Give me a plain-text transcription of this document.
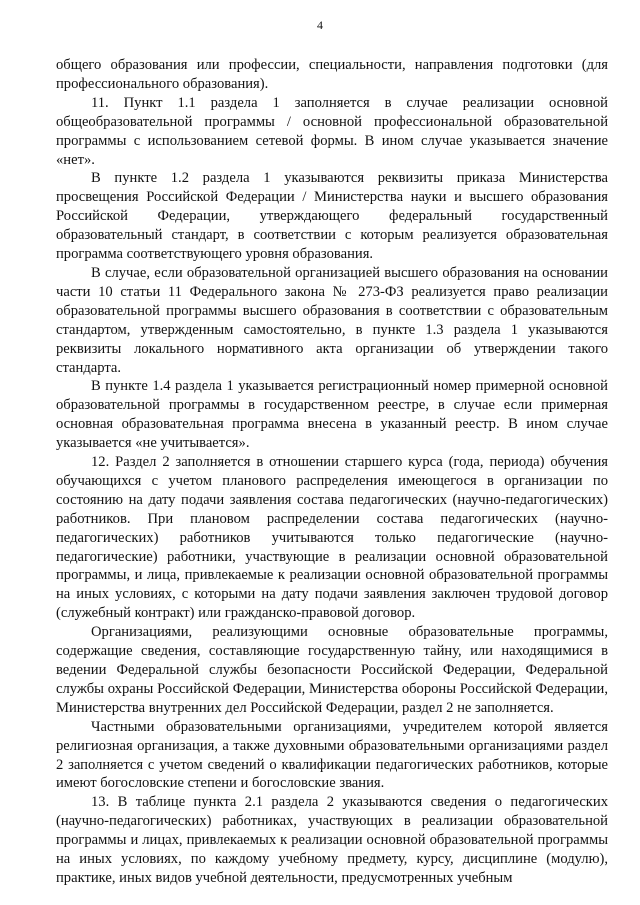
4

общего образования или профессии, специальности, направления подготовки (для профессионального образования).

11. Пункт 1.1 раздела 1 заполняется в случае реализации основной общеобразовательной программы / основной профессиональной образовательной программы с использованием сетевой формы. В ином случае указывается значение «нет».

В пункте 1.2 раздела 1 указываются реквизиты приказа Министерства просвещения Российской Федерации / Министерства науки и высшего образования Российской Федерации, утверждающего федеральный государственный образовательный стандарт, в соответствии с которым реализуется образовательная программа соответствующего уровня образования.

В случае, если образовательной организацией высшего образования на основании части 10 статьи 11 Федерального закона № 273-ФЗ реализуется право реализации образовательной программы высшего образования в соответствии с образовательным стандартом, утвержденным самостоятельно, в пункте 1.3 раздела 1 указываются реквизиты локального нормативного акта организации об утверждении такого стандарта.

В пункте 1.4 раздела 1 указывается регистрационный номер примерной основной образовательной программы в государственном реестре, в случае если примерная основная образовательная программа внесена в указанный реестр. В ином случае указывается «не учитывается».

12. Раздел 2 заполняется в отношении старшего курса (года, периода) обучения обучающихся с учетом планового распределения имеющегося в организации по состоянию на дату подачи заявления состава педагогических (научно-педагогических) работников. При плановом распределении состава педагогических (научно-педагогических) работников учитываются только педагогические (научно-педагогические) работники, участвующие в реализации основной образовательной программы, и лица, привлекаемые к реализации основной образовательной программы на иных условиях, с которыми на дату подачи заявления заключен трудовой договор (служебный контракт) или гражданско-правовой договор.

Организациями, реализующими основные образовательные программы, содержащие сведения, составляющие государственную тайну, или находящимися в ведении Федеральной службы безопасности Российской Федерации, Федеральной службы охраны Российской Федерации, Министерства обороны Российской Федерации, Министерства внутренних дел Российской Федерации, раздел 2 не заполняется.

Частными образовательными организациями, учредителем которой является религиозная организация, а также духовными образовательными организациями раздел 2 заполняется с учетом сведений о квалификации педагогических работников, которые имеют богословские степени и богословские звания.

13. В таблице пункта 2.1 раздела 2 указываются сведения о педагогических (научно-педагогических) работниках, участвующих в реализации образовательной программы и лицах, привлекаемых к реализации основной образовательной программы на иных условиях, по каждому учебному предмету, курсу, дисциплине (модулю), практике, иных видов учебной деятельности, предусмотренных учебным
